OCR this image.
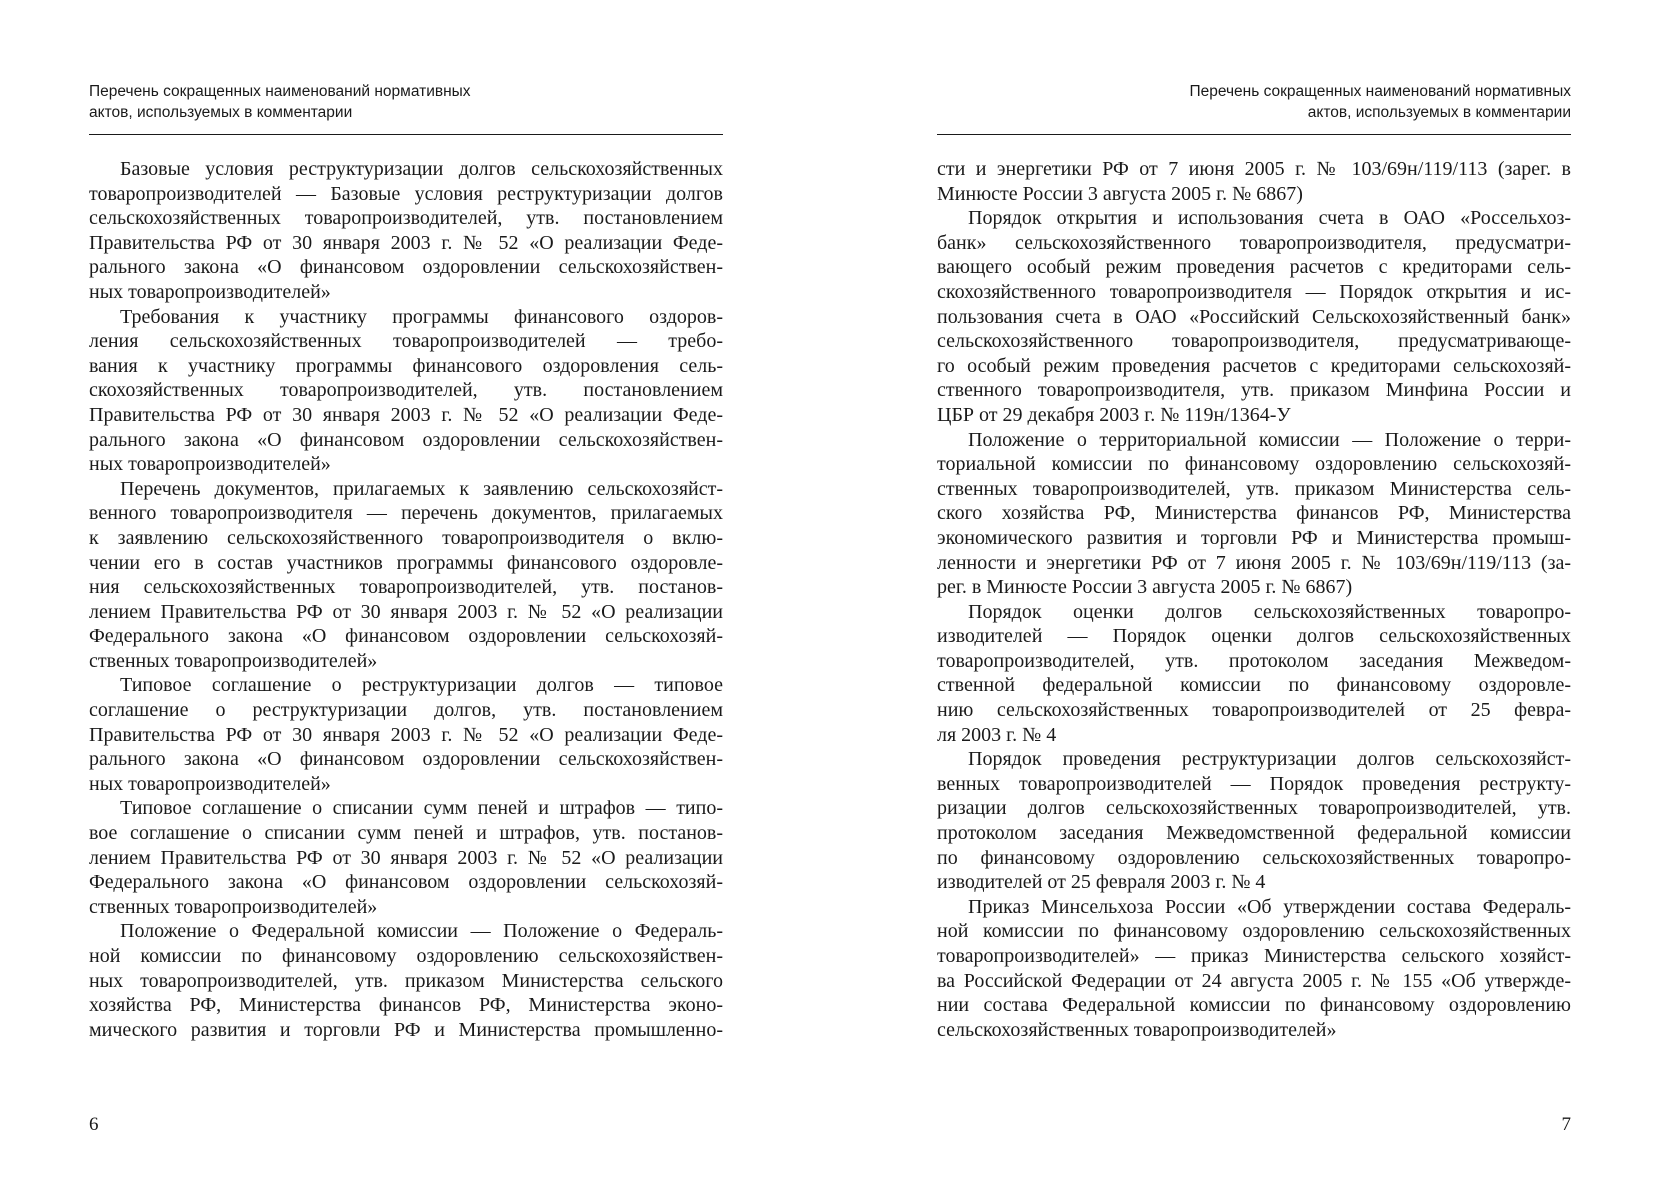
Перечень сокращенных наименований нормативных
актов, используемых в комментарии
Базовые условия реструктуризации долгов сельскохозяйственных
товаропроизводителей — Базовые условия реструктуризации долгов
сельскохозяйственных товаропроизводителей, утв. постановлением
Правительства РФ от 30 января 2003 г. № 52 «О реализации Феде-
рального закона «О финансовом оздоровлении сельскохозяйствен-
ных товаропроизводителей»
Требования к участнику программы финансового оздоров-
ления сельскохозяйственных товаропроизводителей — требо-
вания к участнику программы финансового оздоровления сель-
скохозяйственных товаропроизводителей, утв. постановлением
Правительства РФ от 30 января 2003 г. № 52 «О реализации Феде-
рального закона «О финансовом оздоровлении сельскохозяйствен-
ных товаропроизводителей»
Перечень документов, прилагаемых к заявлению сельскохозяйст-
венного товаропроизводителя — перечень документов, прилагаемых
к заявлению сельскохозяйственного товаропроизводителя о вклю-
чении его в состав участников программы финансового оздоровле-
ния сельскохозяйственных товаропроизводителей, утв. постанов-
лением Правительства РФ от 30 января 2003 г. № 52 «О реализации
Федерального закона «О финансовом оздоровлении сельскохозяй-
ственных товаропроизводителей»
Типовое соглашение о реструктуризации долгов — типовое
соглашение о реструктуризации долгов, утв. постановлением
Правительства РФ от 30 января 2003 г. № 52 «О реализации Феде-
рального закона «О финансовом оздоровлении сельскохозяйствен-
ных товаропроизводителей»
Типовое соглашение о списании сумм пеней и штрафов — типо-
вое соглашение о списании сумм пеней и штрафов, утв. постанов-
лением Правительства РФ от 30 января 2003 г. № 52 «О реализации
Федерального закона «О финансовом оздоровлении сельскохозяй-
ственных товаропроизводителей»
Положение о Федеральной комиссии — Положение о Федераль-
ной комиссии по финансовому оздоровлению сельскохозяйствен-
ных товаропроизводителей, утв. приказом Министерства сельского
хозяйства РФ, Министерства финансов РФ, Министерства эконо-
мического развития и торговли РФ и Министерства промышленно-
6
Перечень сокращенных наименований нормативных
актов, используемых в комментарии
сти и энергетики РФ от 7 июня 2005 г. № 103/69н/119/113 (зарег. в
Минюсте России 3 августа 2005 г. № 6867)
Порядок открытия и использования счета в ОАО «Россельхоз-
банк» сельскохозяйственного товаропроизводителя, предусматри-
вающего особый режим проведения расчетов с кредиторами сель-
скохозяйственного товаропроизводителя — Порядок открытия и ис-
пользования счета в ОАО «Российский Сельскохозяйственный банк»
сельскохозяйственного товаропроизводителя, предусматривающе-
го особый режим проведения расчетов с кредиторами сельскохозяй-
ственного товаропроизводителя, утв. приказом Минфина России и
ЦБР от 29 декабря 2003 г. № 119н/1364-У
Положение о территориальной комиссии — Положение о терри-
ториальной комиссии по финансовому оздоровлению сельскохозяй-
ственных товаропроизводителей, утв. приказом Министерства сель-
ского хозяйства РФ, Министерства финансов РФ, Министерства
экономического развития и торговли РФ и Министерства промыш-
ленности и энергетики РФ от 7 июня 2005 г. № 103/69н/119/113 (за-
рег. в Минюсте России 3 августа 2005 г. № 6867)
Порядок оценки долгов сельскохозяйственных товаропро-
изводителей — Порядок оценки долгов сельскохозяйственных
товаропроизводителей, утв. протоколом заседания Межведом-
ственной федеральной комиссии по финансовому оздоровле-
нию сельскохозяйственных товаропроизводителей от 25 февра-
ля 2003 г. № 4
Порядок проведения реструктуризации долгов сельскохозяйст-
венных товаропроизводителей — Порядок проведения реструкту-
ризации долгов сельскохозяйственных товаропроизводителей, утв.
протоколом заседания Межведомственной федеральной комиссии
по финансовому оздоровлению сельскохозяйственных товаропро-
изводителей от 25 февраля 2003 г. № 4
Приказ Минсельхоза России «Об утверждении состава Федераль-
ной комиссии по финансовому оздоровлению сельскохозяйственных
товаропроизводителей» — приказ Министерства сельского хозяйст-
ва Российской Федерации от 24 августа 2005 г. № 155 «Об утвержде-
нии состава Федеральной комиссии по финансовому оздоровлению
сельскохозяйственных товаропроизводителей»
7
